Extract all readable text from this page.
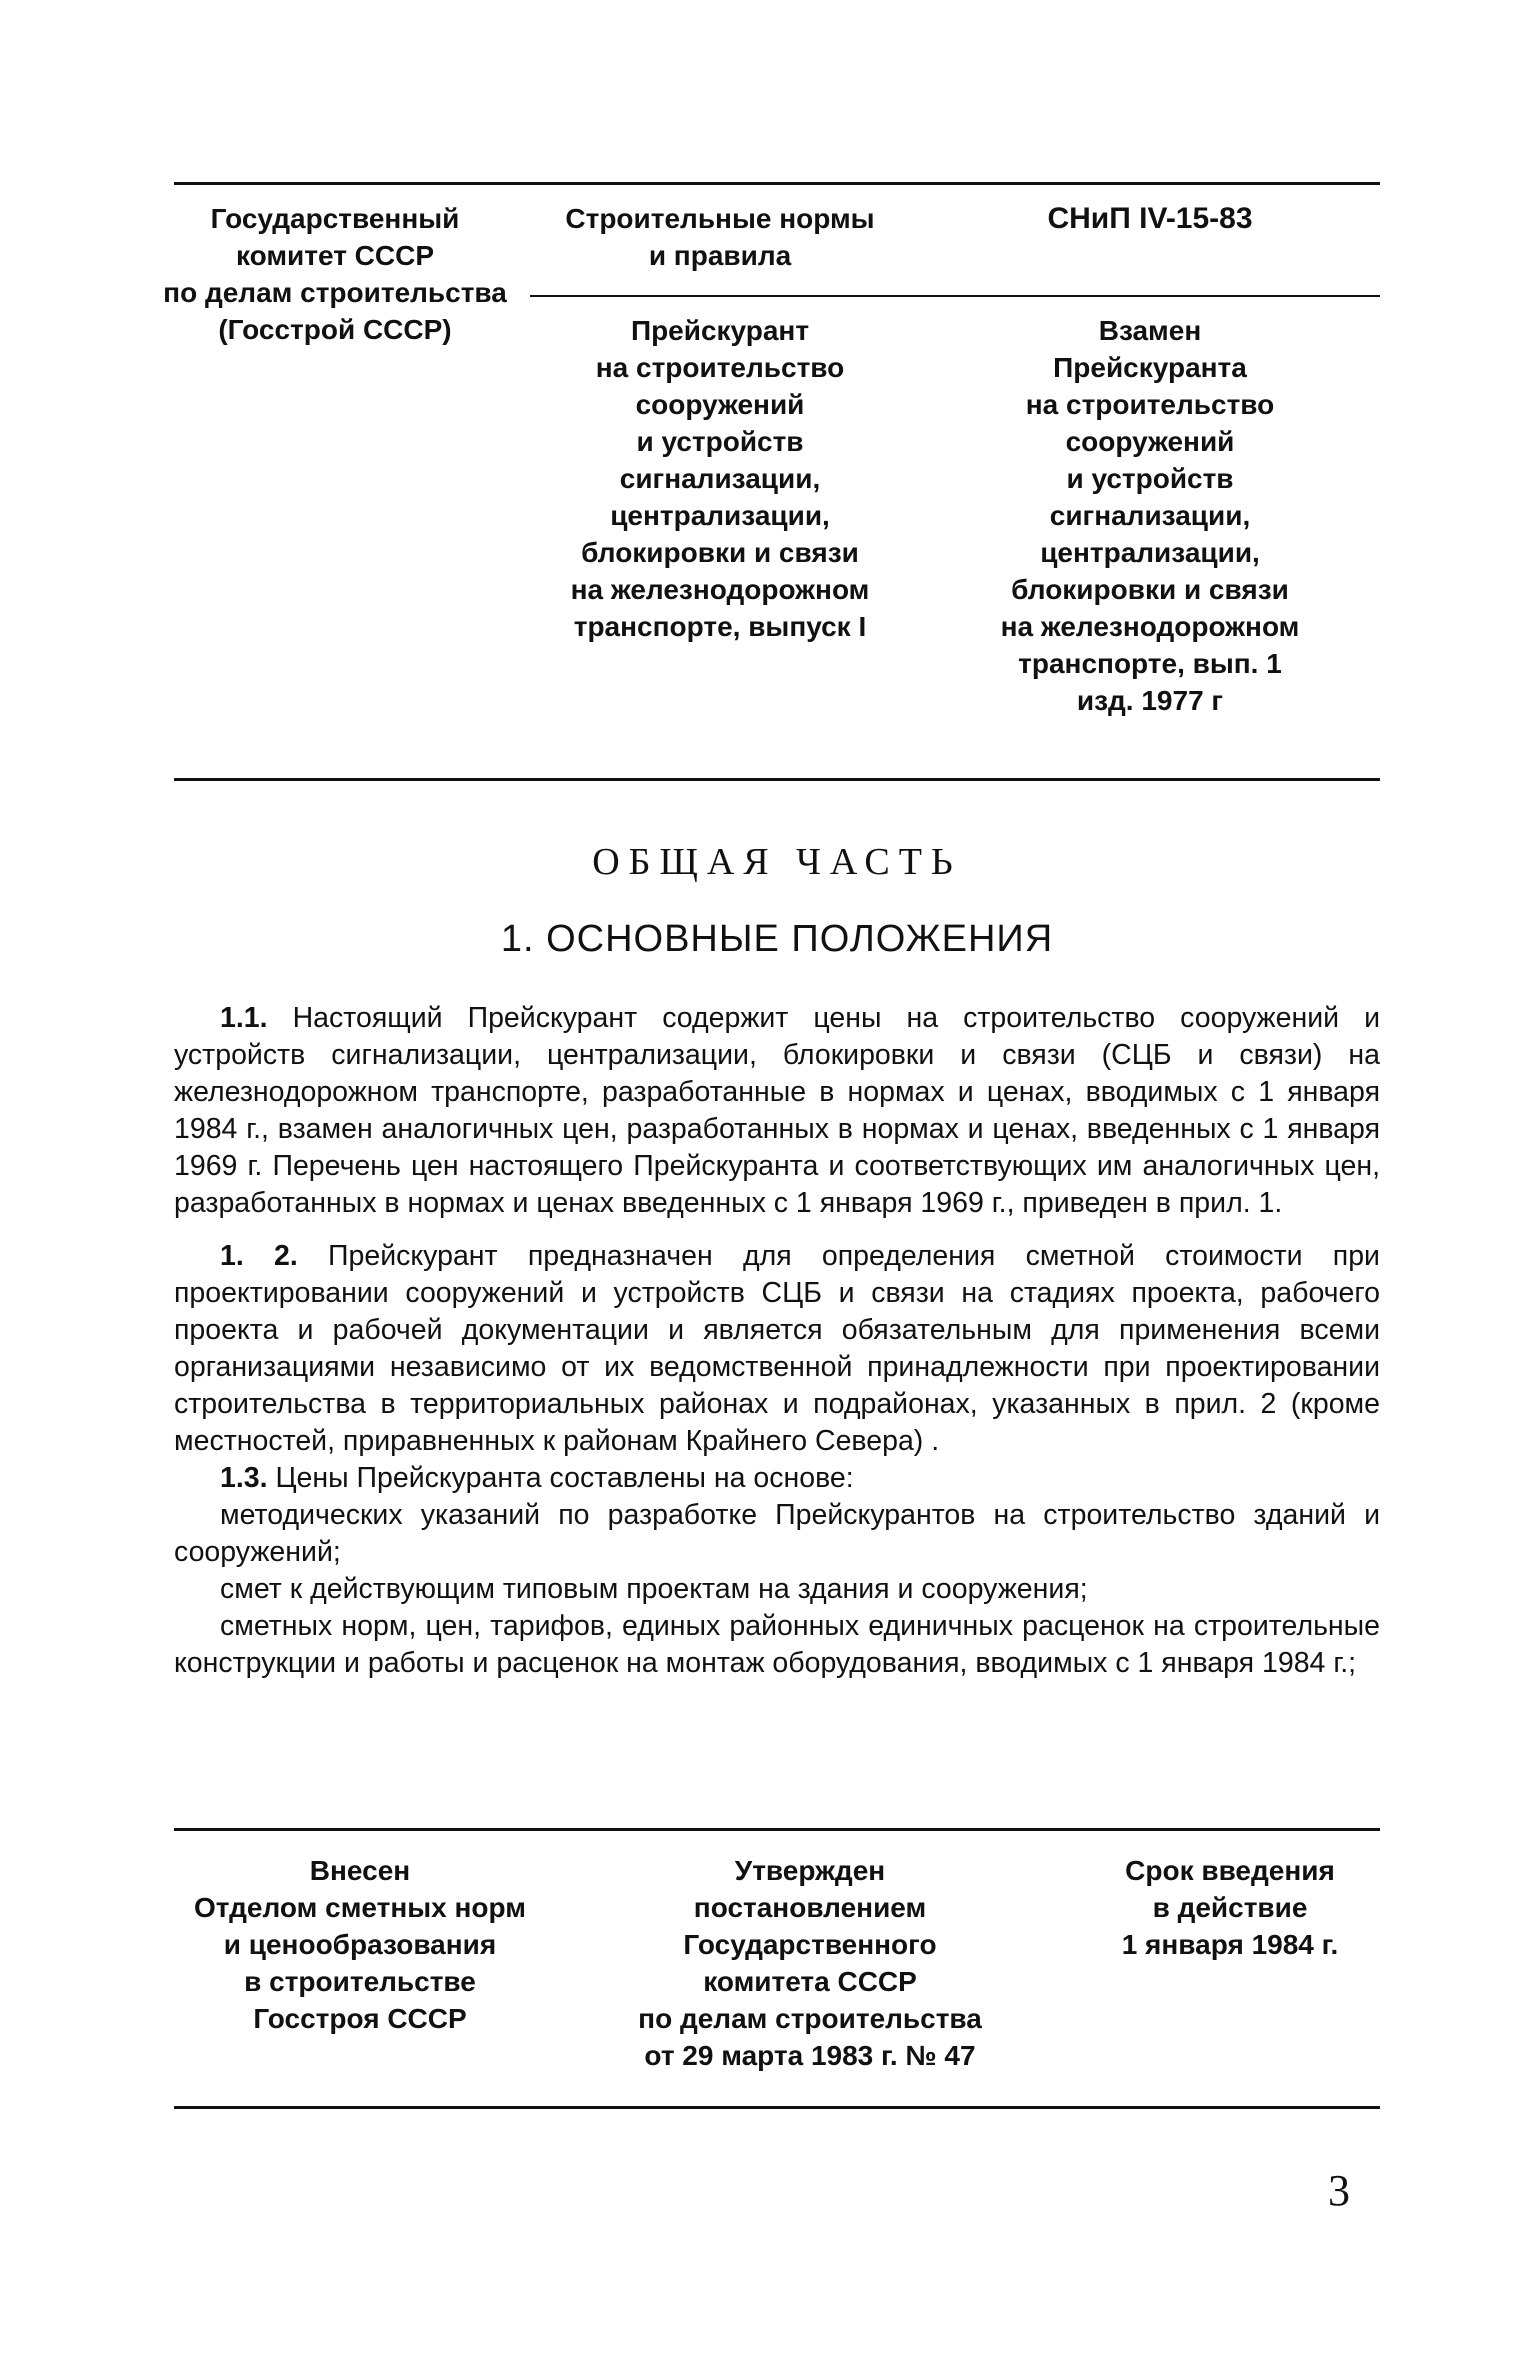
Государственный
комитет СССР
по делам строительства
(Госстрой СССР)
Строительные нормы
и правила
СНиП IV-15-83
Прейскурант
на строительство
сооружений
и устройств
сигнализации,
централизации,
блокировки и связи
на железнодорожном
транспорте, выпуск I
Взамен
Прейскуранта
на строительство
сооружений
и устройств
сигнализации,
централизации,
блокировки и связи
на железнодорожном
транспорте, вып. 1
изд. 1977 г
ОБЩАЯ ЧАСТЬ
1. ОСНОВНЫЕ ПОЛОЖЕНИЯ

1.1. Настоящий Прейскурант содержит цены на строительство сооружений и устройств сигнализации, централизации, блокировки и связи (СЦБ и связи) на железнодорожном транспорте, разработанные в нормах и ценах, вводимых с 1 января 1984 г., взамен аналогичных цен, разработанных в нормах и ценах, введенных с 1 января 1969 г. Перечень цен настоящего Прейскуранта и соответствующих им аналогичных цен, разработанных в нормах и ценах введенных с 1 января 1969 г., приведен в прил. 1.

1. 2. Прейскурант предназначен для определения сметной стоимости при проектировании сооружений и устройств СЦБ и связи на стадиях проекта, рабочего проекта и рабочей документации и является обязательным для применения всеми организациями независимо от их ведомственной принадлежности при проектировании строительства в территориальных районах и подрайонах, указанных в прил. 2 (кроме местностей, приравненных к районам Крайнего Севера) .

1.3. Цены Прейскуранта составлены на основе:

методических указаний по разработке Прейскурантов на строительство зданий и сооружений;

смет к действующим типовым проектам на здания и сооружения;

сметных норм, цен, тарифов, единых районных единичных расценок на строительные конструкции и работы и расценок на монтаж оборудования, вводимых с 1 января 1984 г.;

Внесен
Отделом сметных норм
и ценообразования
в строительстве
Госстроя СССР
Утвержден
постановлением
Государственного
комитета СССР
по делам строительства
от 29 марта 1983 г. № 47
Срок введения
в действие
1 января 1984 г.
3
